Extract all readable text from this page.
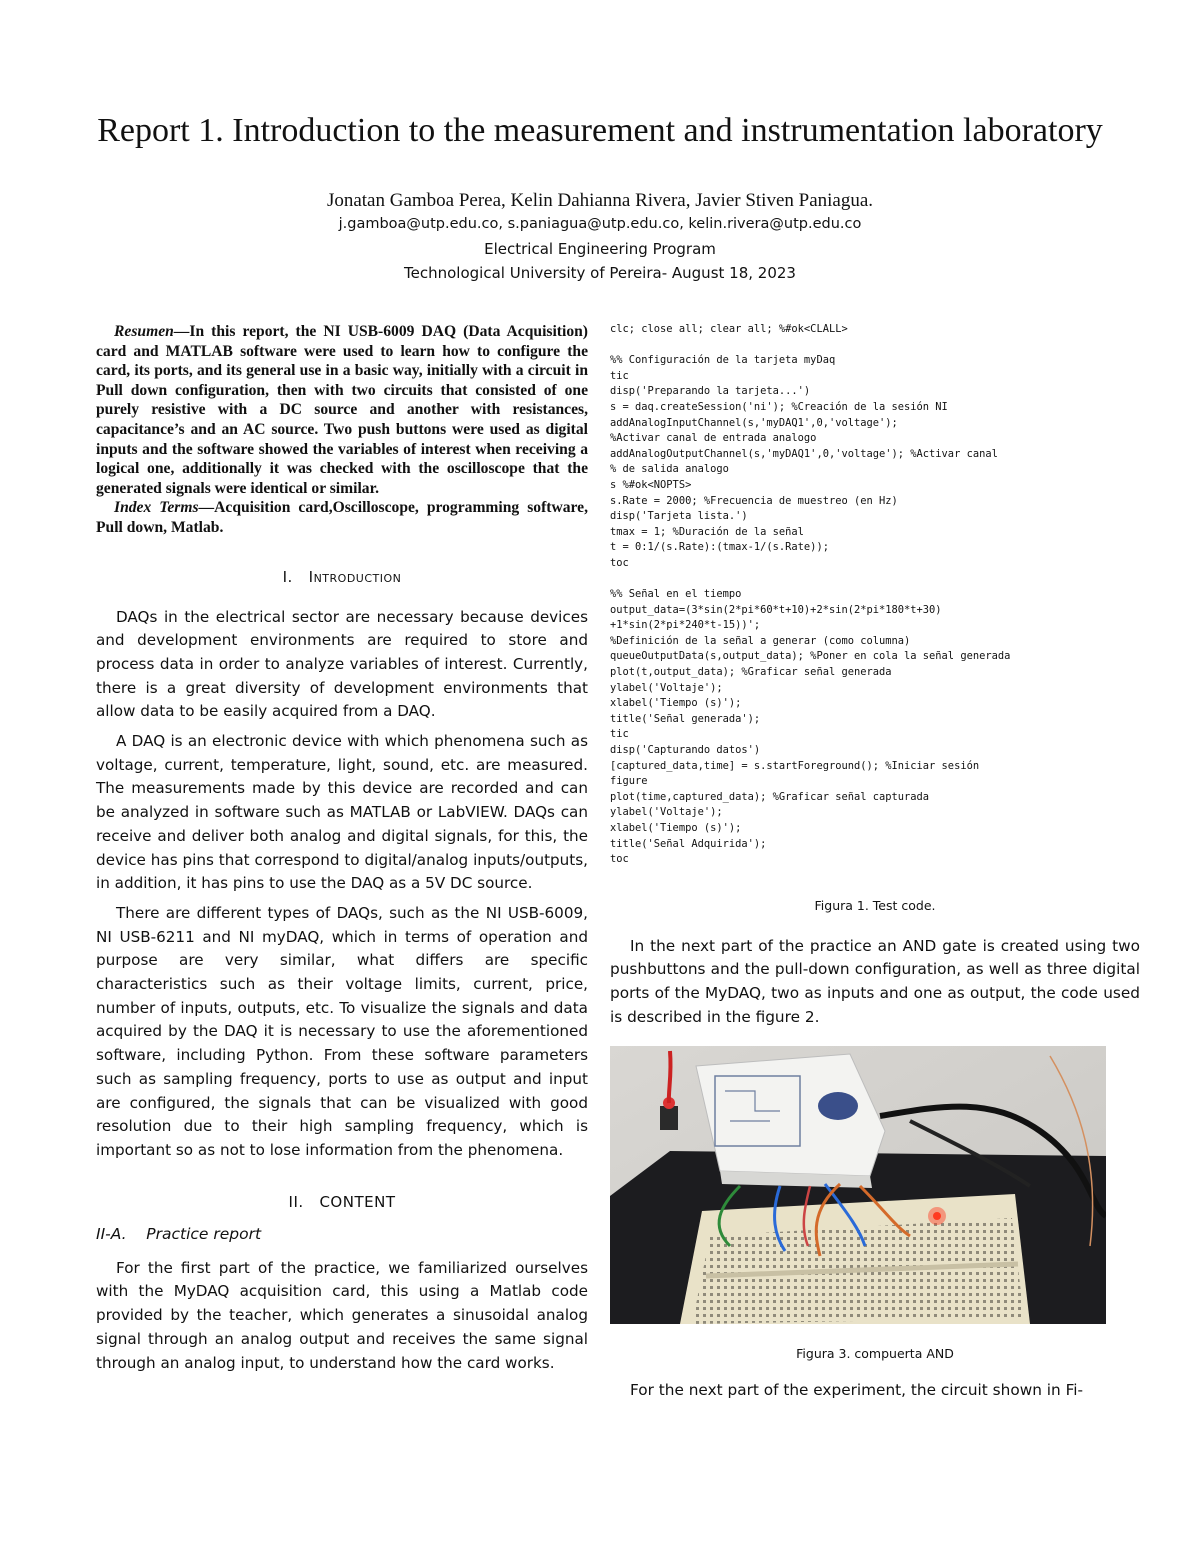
Report 1. Introduction to the measurement and instrumentation laboratory
Jonatan Gamboa Perea, Kelin Dahianna Rivera, Javier Stiven Paniagua.
j.gamboa@utp.edu.co, s.paniagua@utp.edu.co, kelin.rivera@utp.edu.co
Electrical Engineering Program
Technological University of Pereira- August 18, 2023

Resumen—In this report, the NI USB-6009 DAQ (Data Acquisition) card and MATLAB software were used to learn how to configure the card, its ports, and its general use in a basic way, initially with a circuit in Pull down configuration, then with two circuits that consisted of one purely resistive with a DC source and another with resistances, capacitance’s and an AC source. Two push buttons were used as digital inputs and the software showed the variables of interest when receiving a logical one, additionally it was checked with the oscilloscope that the generated signals were identical or similar.

Index Terms—Acquisition card,Oscilloscope, programming software, Pull down, Matlab.

I. Introduction

DAQs in the electrical sector are necessary because devices and development environments are required to store and process data in order to analyze variables of interest. Currently, there is a great diversity of development environments that allow data to be easily acquired from a DAQ.

A DAQ is an electronic device with which phenomena such as voltage, current, temperature, light, sound, etc. are measured. The measurements made by this device are recorded and can be analyzed in software such as MATLAB or LabVIEW. DAQs can receive and deliver both analog and digital signals, for this, the device has pins that correspond to digital/analog inputs/outputs, in addition, it has pins to use the DAQ as a 5V DC source.

There are different types of DAQs, such as the NI USB-6009, NI USB-6211 and NI myDAQ, which in terms of operation and purpose are very similar, what differs are specific characteristics such as their voltage limits, current, price, number of inputs, outputs, etc. To visualize the signals and data acquired by the DAQ it is necessary to use the aforementioned software, including Python. From these software parameters such as sampling frequency, ports to use as output and input are configured, the signals that can be visualized with good resolution due to their high sampling frequency, which is important so as not to lose information from the phenomena.

II. CONTENT

II-A. Practice report

For the first part of the practice, we familiarized ourselves with the MyDAQ acquisition card, this using a Matlab code provided by the teacher, which generates a sinusoidal analog signal through an analog output and receives the same signal through an analog input, to understand how the card works.

clc; close all; clear all; %#ok<CLALL>

%% Configuración de la tarjeta myDaq

tic

disp('Preparando la tarjeta...')

s = daq.createSession('ni'); %Creación de la sesión NI

addAnalogInputChannel(s,'myDAQ1',0,'voltage');

%Activar canal de entrada analogo

addAnalogOutputChannel(s,'myDAQ1',0,'voltage'); %Activar canal

% de salida analogo

s %#ok<NOPTS>

s.Rate = 2000; %Frecuencia de muestreo (en Hz)

disp('Tarjeta lista.')

tmax = 1; %Duración de la señal

t = 0:1/(s.Rate):(tmax-1/(s.Rate));

toc

%% Señal en el tiempo

output_data=(3*sin(2*pi*60*t+10)+2*sin(2*pi*180*t+30)

+1*sin(2*pi*240*t-15))';

%Definición de la señal a generar (como columna)

queueOutputData(s,output_data); %Poner en cola la señal generada

plot(t,output_data); %Graficar señal generada

ylabel('Voltaje');

xlabel('Tiempo (s)');

title('Señal generada');

tic

disp('Capturando datos')

[captured_data,time] = s.startForeground(); %Iniciar sesión

figure

plot(time,captured_data); %Graficar señal capturada

ylabel('Voltaje');

xlabel('Tiempo (s)');

title('Señal Adquirida');

toc

Figura 1. Test code.

In the next part of the practice an AND gate is created using two pushbuttons and the pull-down configuration, as well as three digital ports of the MyDAQ, two as inputs and one as output, the code used is described in the figure 2.

Figura 3. compuerta AND

For the next part of the experiment, the circuit shown in Fi-
